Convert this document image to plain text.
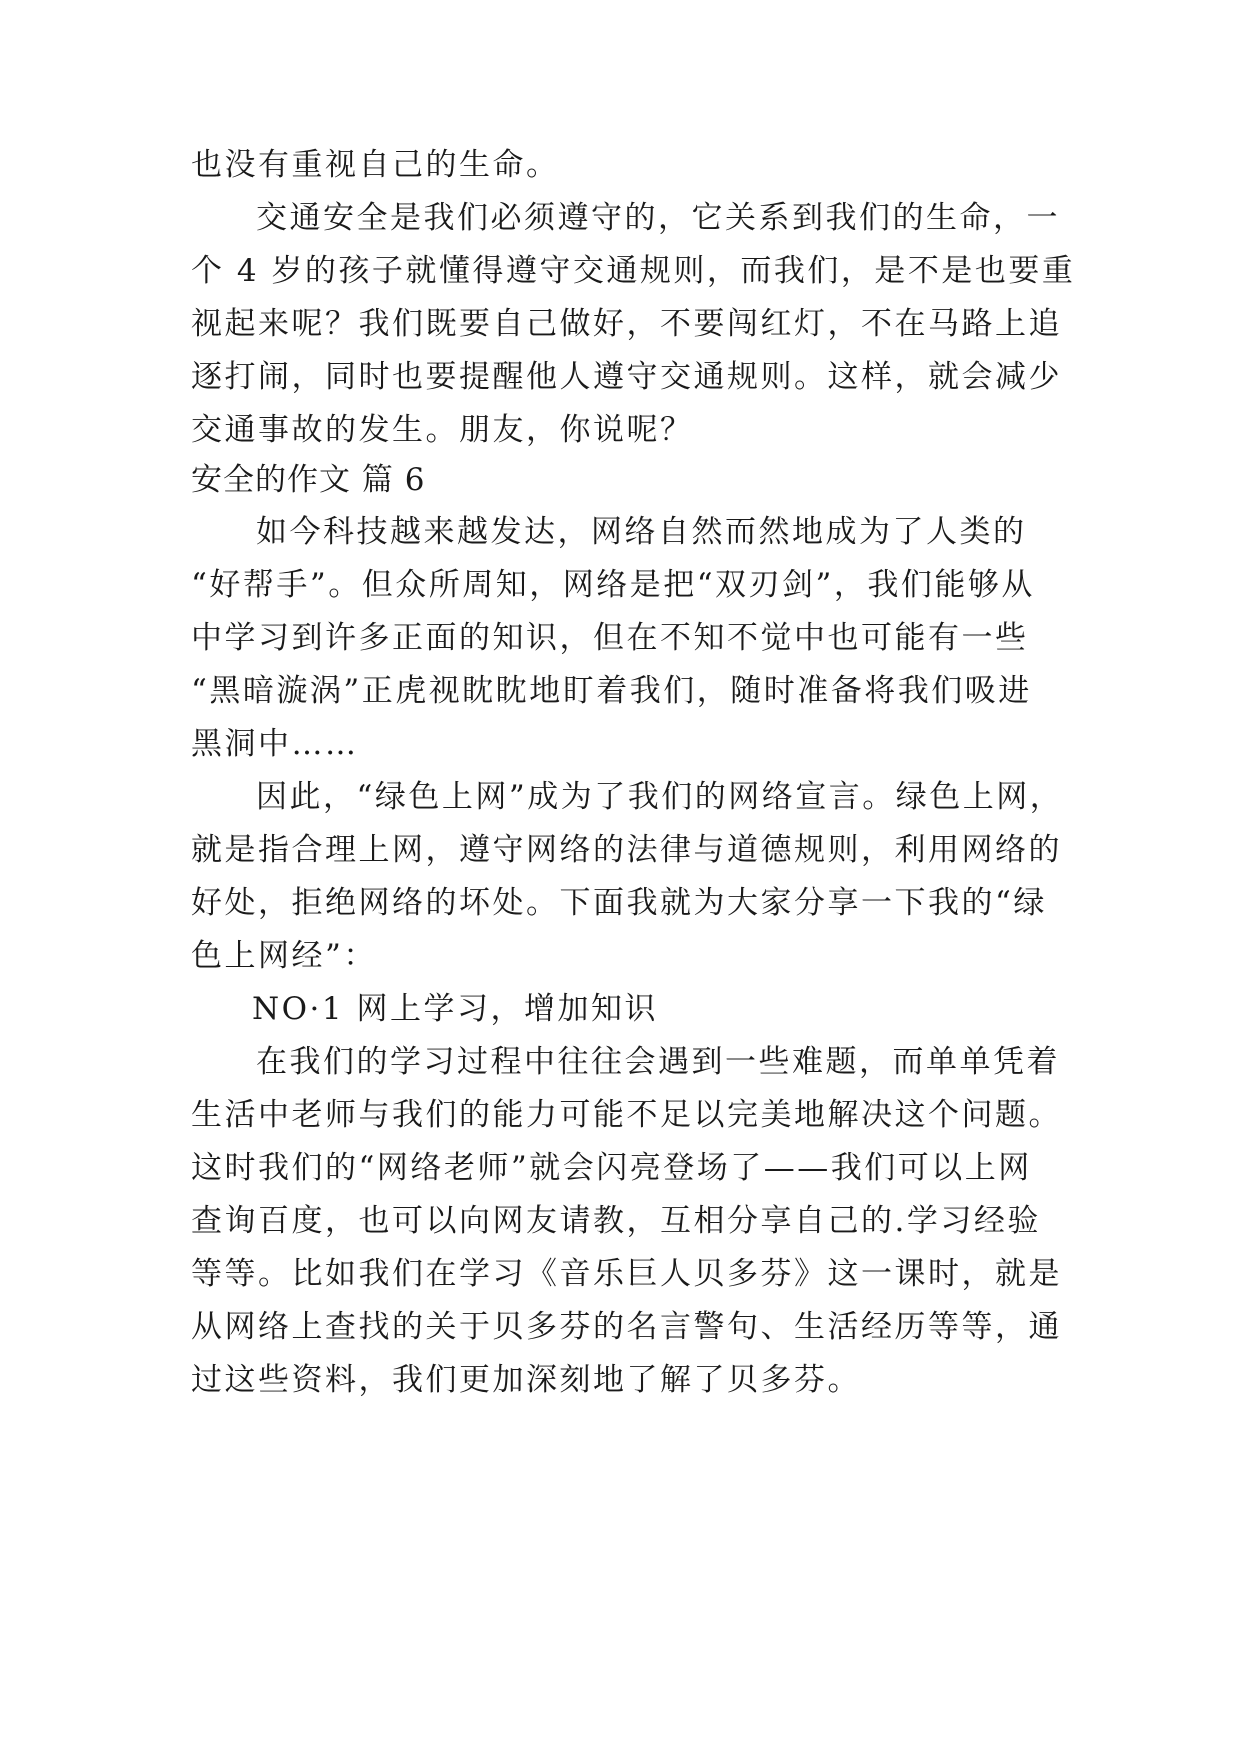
也没有重视自己的生命。

交通安全是我们必须遵守的，它关系到我们的生命，一

个 4 岁的孩子就懂得遵守交通规则，而我们，是不是也要重

视起来呢？我们既要自己做好，不要闯红灯，不在马路上追

逐打闹，同时也要提醒他人遵守交通规则。这样，就会减少

交通事故的发生。朋友，你说呢？

安全的作文 篇 6

如今科技越来越发达，网络自然而然地成为了人类的

“好帮手”。但众所周知，网络是把“双刃剑”，我们能够从

中学习到许多正面的知识，但在不知不觉中也可能有一些

“黑暗漩涡”正虎视眈眈地盯着我们，随时准备将我们吸进

黑洞中……

因此，“绿色上网”成为了我们的网络宣言。绿色上网，

就是指合理上网，遵守网络的法律与道德规则，利用网络的

好处，拒绝网络的坏处。下面我就为大家分享一下我的“绿

色上网经”：

NO·1 网上学习，增加知识

在我们的学习过程中往往会遇到一些难题，而单单凭着

生活中老师与我们的能力可能不足以完美地解决这个问题。

这时我们的“网络老师”就会闪亮登场了——我们可以上网

查询百度，也可以向网友请教，互相分享自己的.学习经验

等等。比如我们在学习《音乐巨人贝多芬》这一课时，就是

从网络上查找的关于贝多芬的名言警句、生活经历等等，通

过这些资料，我们更加深刻地了解了贝多芬。
